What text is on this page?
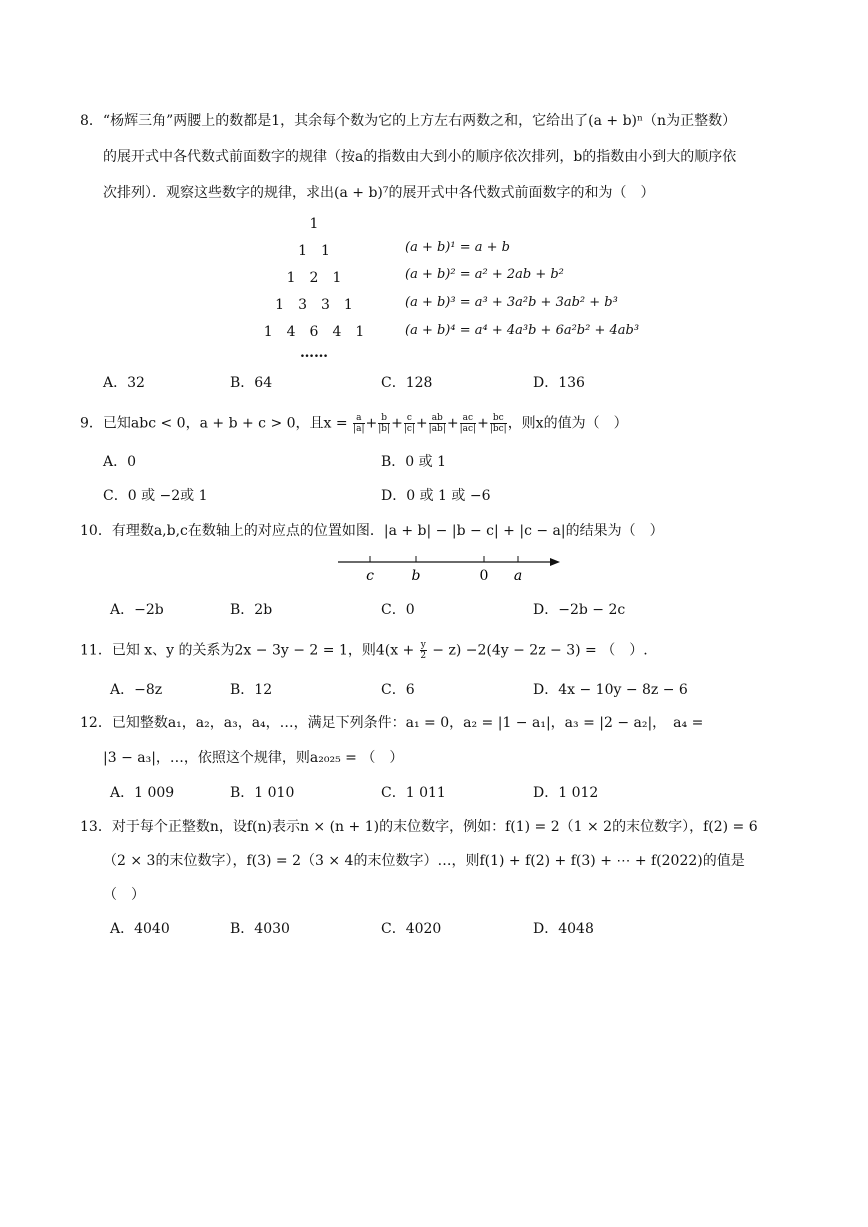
8．“杨辉三角”两腰上的数都是1，其余每个数为它的上方左右两数之和，它给出了(a + b)ⁿ（n为正整数）
的展开式中各代数式前面数字的规律（按a的指数由大到小的顺序依次排列，b的指数由小到大的顺序依
次排列）．观察这些数字的规律，求出(a + b)⁷的展开式中各代数式前面数字的和为（　）
1
1　1
1　2　1
1　3　3　1
1　4　6　4　1
……
(a + b)¹ = a + b
(a + b)² = a² + 2ab + b²
(a + b)³ = a³ + 3a²b + 3ab² + b³
(a + b)⁴ = a⁴ + 4a³b + 6a²b² + 4ab³
A．32	B．64	C．128	D．136
9．已知abc < 0，a + b + c > 0，且$x = \frac{a}{|a|} + \frac{b}{|b|} + \frac{c}{|c|} + \frac{ab}{|ab|} + \frac{ac}{|ac|} + \frac{bc}{|bc|}$ ，则x的值为（　）
A．0	B．0 或 1
C．0 或 −2或 1	D．0 或 1 或 −6
10．有理数a,b,c在数轴上的对应点的位置如图．|a + b| − |b − c| + |c − a|的结果为（　）
c	b	0 a
A．−2b	B．2b	C．0	D．−2b − 2c
11．已知 x、y 的关系为2x − 3y − 2 = 1，则$4(x + \frac{y}{2} - z) -2(4y - 2z - 3)$ = （　）.
A．−8z	B．12	C．6	D．4x − 10y − 8z − 6
12．已知整数a₁，a₂，a₃，a₄，…，满足下列条件：a₁ = 0，a₂ = |1 − a₁|，a₃ = |2 − a₂|，　a₄ =
|3 − a₃|，…，依照这个规律，则a₂₀₂₅ = （　）
A．1 009	B．1 010	C．1 011	D．1 012
13．对于每个正整数n，设f(n)表示n × (n + 1)的末位数字，例如：f(1) = 2（1 × 2的末位数字），f(2) = 6
（2 × 3的末位数字），f(3) = 2（3 × 4的末位数字）…，则f(1) + f(2) + f(3) + ⋯ + f(2022)的值是
（　）
A．4040	B．4030	C．4020	D．4048
